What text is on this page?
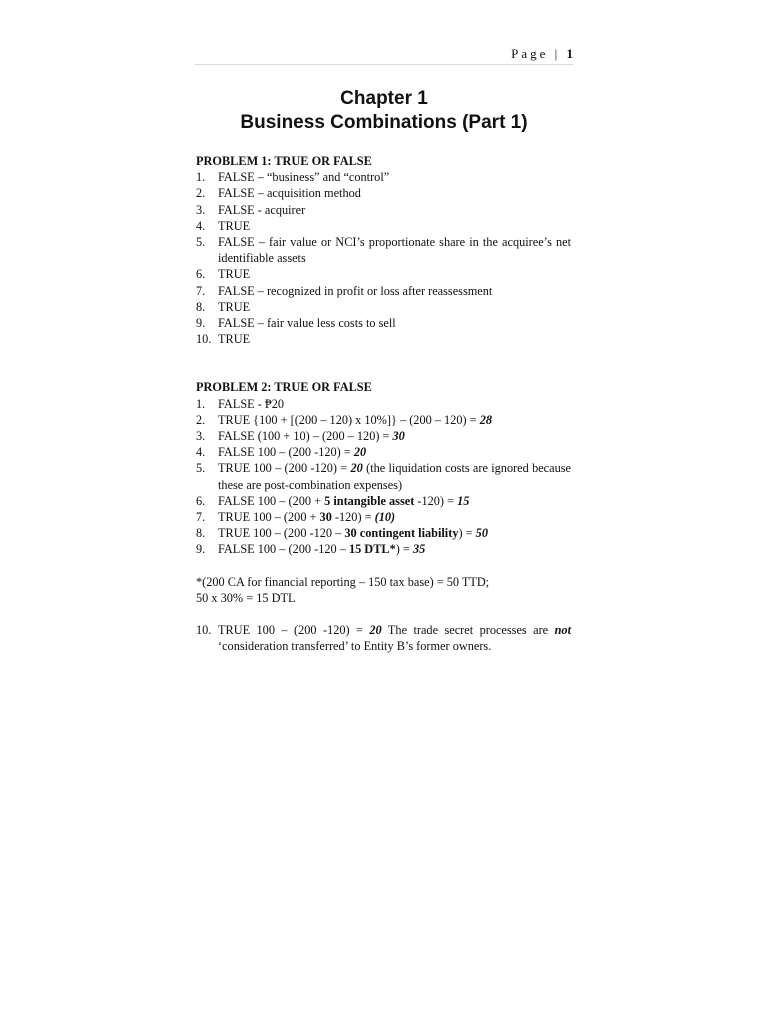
Page | 1
Chapter 1
Business Combinations (Part 1)
PROBLEM 1: TRUE OR FALSE
1. FALSE – “business” and “control”
2. FALSE – acquisition method
3. FALSE - acquirer
4. TRUE
5. FALSE – fair value or NCI’s proportionate share in the acquiree’s net identifiable assets
6. TRUE
7. FALSE – recognized in profit or loss after reassessment
8. TRUE
9. FALSE – fair value less costs to sell
10. TRUE
PROBLEM 2: TRUE OR FALSE
1. FALSE - ₱20
2. TRUE {100 + [(200 – 120) x 10%]} – (200 – 120) = 28
3. FALSE (100 + 10) – (200 – 120) = 30
4. FALSE 100 – (200 -120) = 20
5. TRUE 100 – (200 -120) = 20 (the liquidation costs are ignored because these are post-combination expenses)
6. FALSE 100 – (200 + 5 intangible asset -120) = 15
7. TRUE 100 – (200 + 30 -120) = (10)
8. TRUE 100 – (200 -120 – 30 contingent liability) = 50
9. FALSE 100 – (200 -120 – 15 DTL*) = 35
*(200 CA for financial reporting – 150 tax base) = 50 TTD;
50 x 30% = 15 DTL
10. TRUE 100 – (200 -120) = 20 The trade secret processes are not ‘consideration transferred’ to Entity B’s former owners.
